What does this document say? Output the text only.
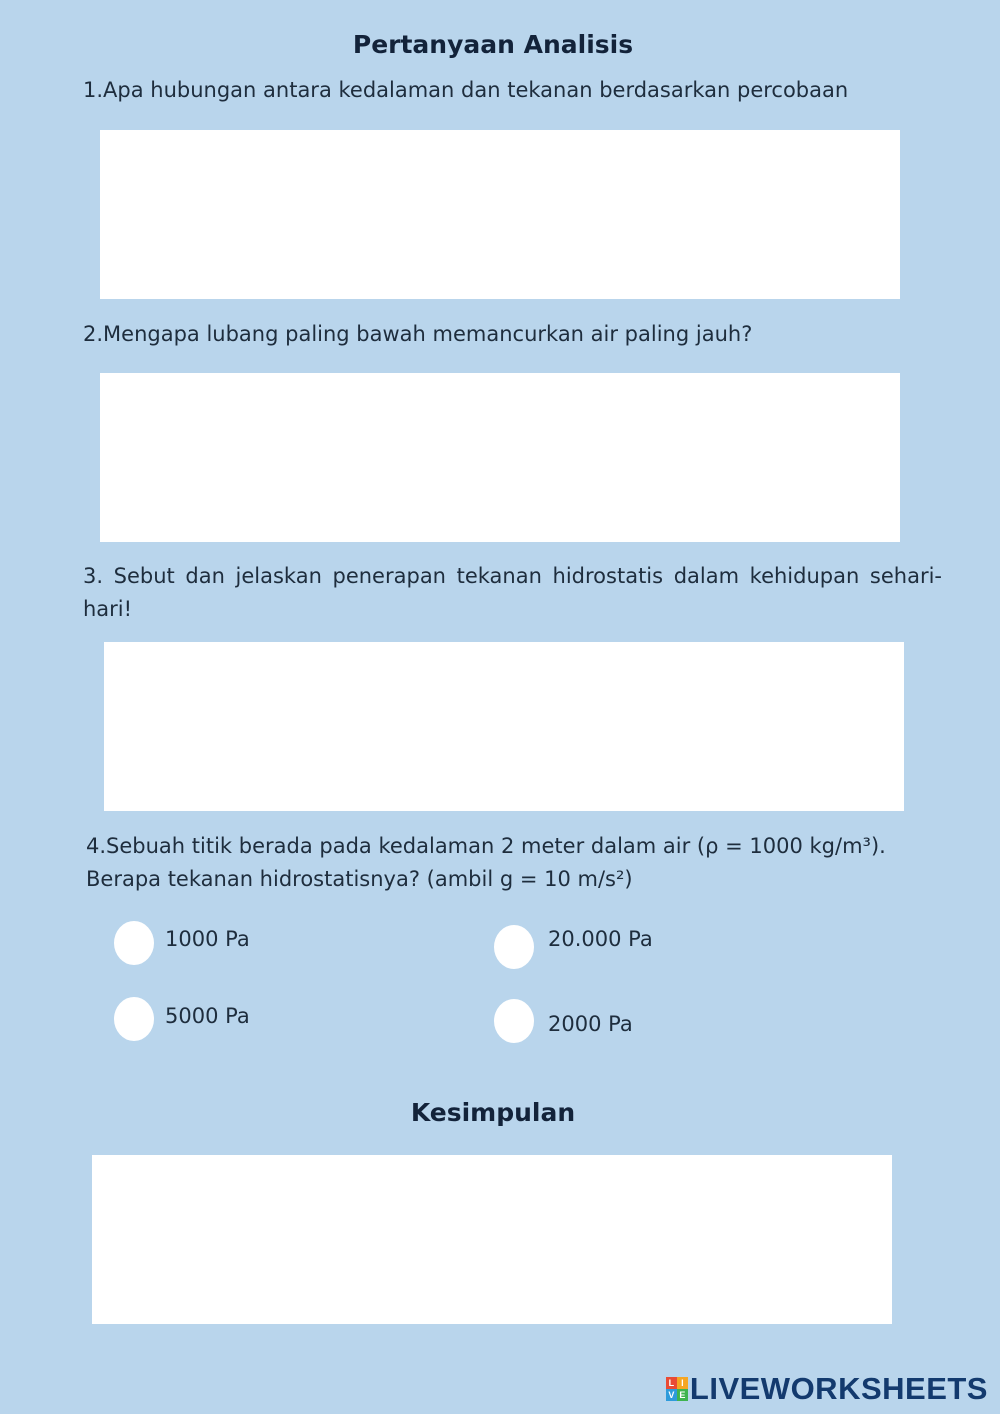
Pertanyaan Analisis
1.Apa hubungan antara kedalaman dan tekanan berdasarkan percobaan
2.Mengapa lubang paling bawah memancurkan air paling jauh?
3. Sebut dan jelaskan penerapan tekanan hidrostatis dalam kehidupan sehari-hari!
4.Sebuah titik berada pada kedalaman 2 meter dalam air (ρ = 1000 kg/m³).
Berapa tekanan hidrostatisnya? (ambil g = 10 m/s²)
1000 Pa	20.000 Pa
5000 Pa	2000 Pa
Kesimpulan
L I
V E LIVEWORKSHEETS
